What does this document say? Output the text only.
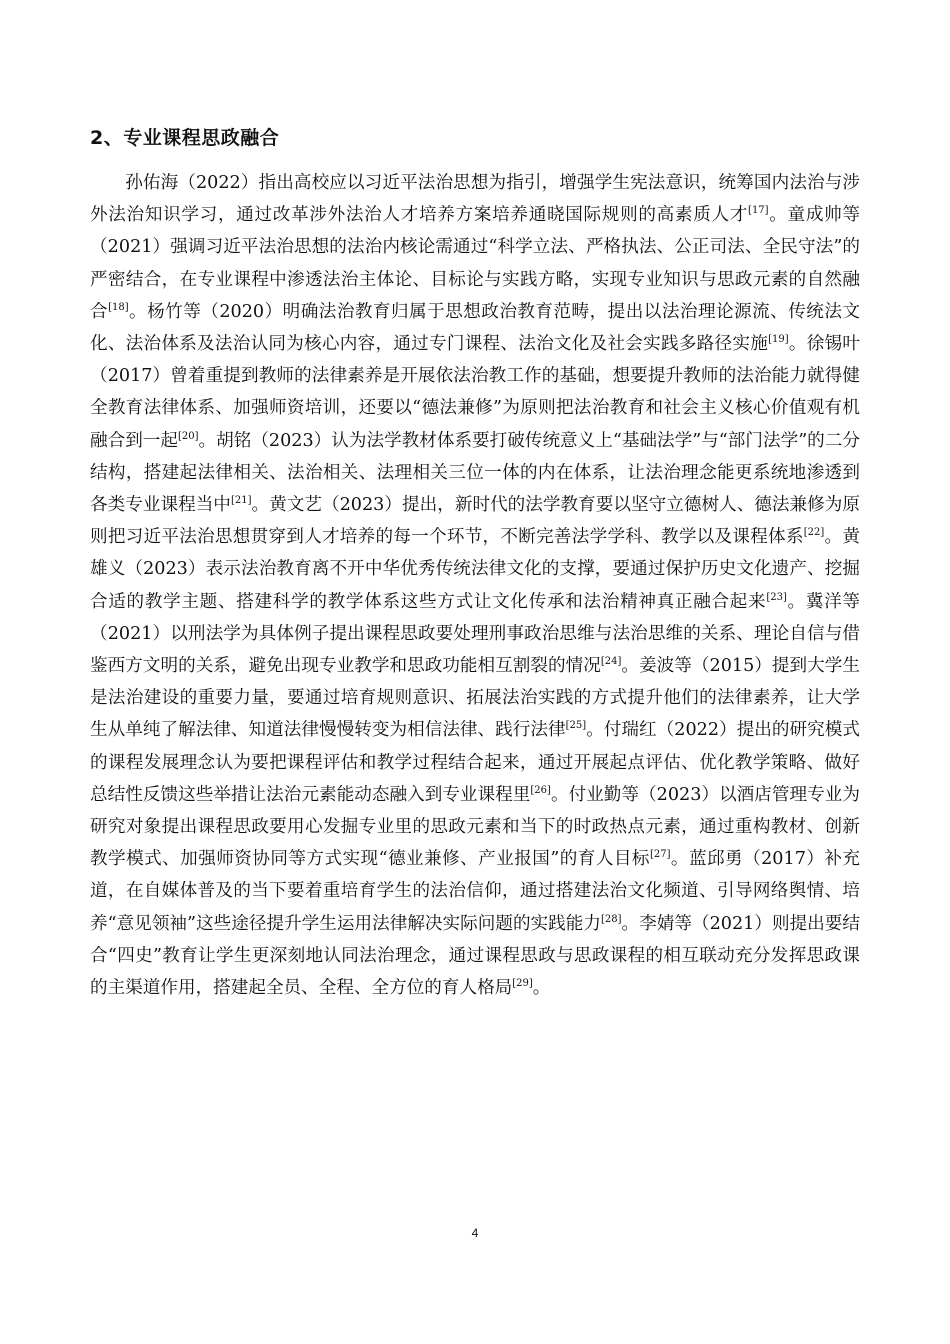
2、专业课程思政融合

孙佑海（2022）指出高校应以习近平法治思想为指引，增强学生宪法意识，统筹国内法治与涉外法治知识学习，通过改革涉外法治人才培养方案培养通晓国际规则的高素质人才[17]。童成帅等（2021）强调习近平法治思想的法治内核论需通过“科学立法、严格执法、公正司法、全民守法”的严密结合，在专业课程中渗透法治主体论、目标论与实践方略，实现专业知识与思政元素的自然融合[18]。杨竹等（2020）明确法治教育归属于思想政治教育范畴，提出以法治理论源流、传统法文化、法治体系及法治认同为核心内容，通过专门课程、法治文化及社会实践多路径实施[19]。徐锡叶（2017）曾着重提到教师的法律素养是开展依法治教工作的基础，想要提升教师的法治能力就得健全教育法律体系、加强师资培训，还要以“德法兼修”为原则把法治教育和社会主义核心价值观有机融合到一起[20]。胡铭（2023）认为法学教材体系要打破传统意义上“基础法学”与“部门法学”的二分结构，搭建起法律相关、法治相关、法理相关三位一体的内在体系，让法治理念能更系统地渗透到各类专业课程当中[21]。黄文艺（2023）提出，新时代的法学教育要以坚守立德树人、德法兼修为原则把习近平法治思想贯穿到人才培养的每一个环节，不断完善法学学科、教学以及课程体系[22]。黄雄义（2023）表示法治教育离不开中华优秀传统法律文化的支撑，要通过保护历史文化遗产、挖掘合适的教学主题、搭建科学的教学体系这些方式让文化传承和法治精神真正融合起来[23]。冀洋等（2021）以刑法学为具体例子提出课程思政要处理刑事政治思维与法治思维的关系、理论自信与借鉴西方文明的关系，避免出现专业教学和思政功能相互割裂的情况[24]。姜波等（2015）提到大学生是法治建设的重要力量，要通过培育规则意识、拓展法治实践的方式提升他们的法律素养，让大学生从单纯了解法律、知道法律慢慢转变为相信法律、践行法律[25]。付瑞红（2022）提出的研究模式的课程发展理念认为要把课程评估和教学过程结合起来，通过开展起点评估、优化教学策略、做好总结性反馈这些举措让法治元素能动态融入到专业课程里[26]。付业勤等（2023）以酒店管理专业为研究对象提出课程思政要用心发掘专业里的思政元素和当下的时政热点元素，通过重构教材、创新教学模式、加强师资协同等方式实现“德业兼修、产业报国”的育人目标[27]。蓝邱勇（2017）补充道，在自媒体普及的当下要着重培育学生的法治信仰，通过搭建法治文化频道、引导网络舆情、培养“意见领袖”这些途径提升学生运用法律解决实际问题的实践能力[28]。李婧等（2021）则提出要结合“四史”教育让学生更深刻地认同法治理念，通过课程思政与思政课程的相互联动充分发挥思政课的主渠道作用，搭建起全员、全程、全方位的育人格局[29]。

4
